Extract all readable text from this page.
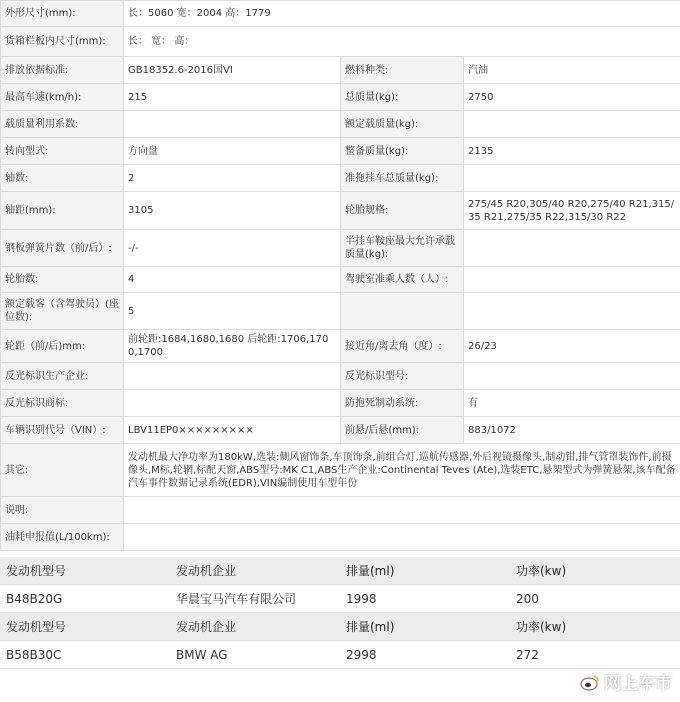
外形尺寸(mm):	长：5060 宽：2004 高：1779		
货箱栏板内尺寸(mm):	长： 宽： 高：		
排放依据标准:	GB18352.6-2016国VI	燃料种类:	汽油
最高车速(km/h):	215	总质量(kg):	2750
载质量利用系数:		额定载质量(kg):	
转向型式:	方向盘	整备质量(kg):	2135
轴数:	2	准拖挂车总质量(kg):	
轴距(mm):	3105	轮胎规格:	275/45 R20,305/40 R20,275/40 R21,315/35 R21,275/35 R22,315/30 R22
钢板弹簧片数（前/后）:	-/-	半挂车鞍座最大允许承载质量(kg):	
轮胎数:	4	驾驶室准乘人数（人）:	
额定载客（含驾驶员）(座位数):	5		
轮距（前/后)mm:	前轮距:1684,1680,1680 后轮距:1706,1700,1700	接近角/离去角（度）:	26/23
反光标识生产企业:		反光标识型号:	
反光标识商标:		防抱死制动系统:	有
车辆识别代号（VIN）:	LBV11EP0×××××××××	前悬/后悬(mm):	883/1072
其它:	发动机最大净功率为180kW,选装:侧风窗饰条,车顶饰条,前组合灯,巡航传感器,外后视镜摄像头,制动钳,排气管罩装饰件,前摄像头,M标,轮辋,标配天窗,ABS型号:MK C1,ABS生产企业:Continental Teves (Ate),选装ETC,悬架型式为弹簧悬架,该车配备汽车事件数据记录系统(EDR),VIN编制使用车型年份		
说明:			
油耗申报值(L/100km):			
发动机型号	发动机企业	排量(ml)	功率(kw)
B48B20G	华晨宝马汽车有限公司	1998	200
发动机型号	发动机企业	排量(ml)	功率(kw)
B58B30C	BMW AG	2998	272
网上车市
